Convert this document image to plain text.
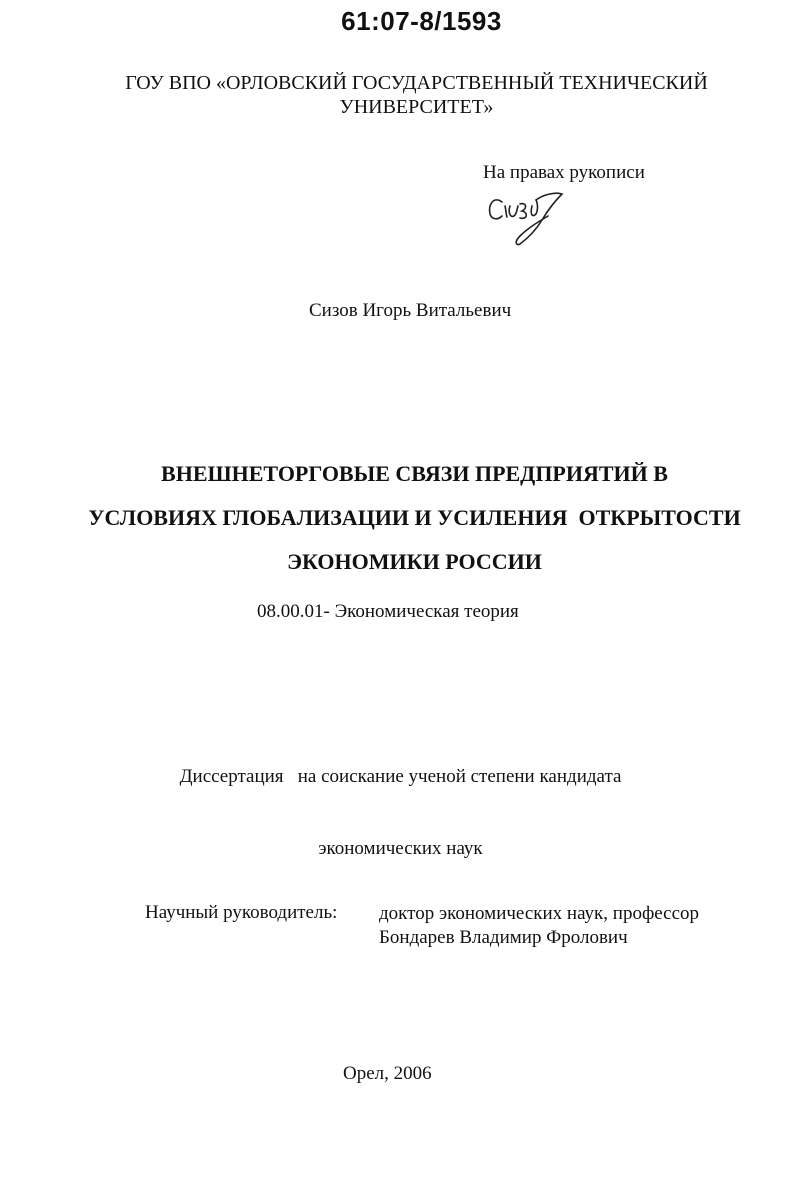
61:07-8/1593
ГОУ ВПО «ОРЛОВСКИЙ ГОСУДАРСТВЕННЫЙ ТЕХНИЧЕСКИЙ
УНИВЕРСИТЕТ»
На правах рукописи
Сизов Игорь Витальевич
ВНЕШНЕТОРГОВЫЕ СВЯЗИ ПРЕДПРИЯТИЙ В
УСЛОВИЯХ ГЛОБАЛИЗАЦИИ И УСИЛЕНИЯ  ОТКРЫТОСТИ
ЭКОНОМИКИ РОССИИ
08.00.01- Экономическая теория

Диссертация   на соискание ученой степени кандидата

экономических наук

Научный руководитель: доктор экономических наук, профессор
Бондарев Владимир Фролович
Орел, 2006
